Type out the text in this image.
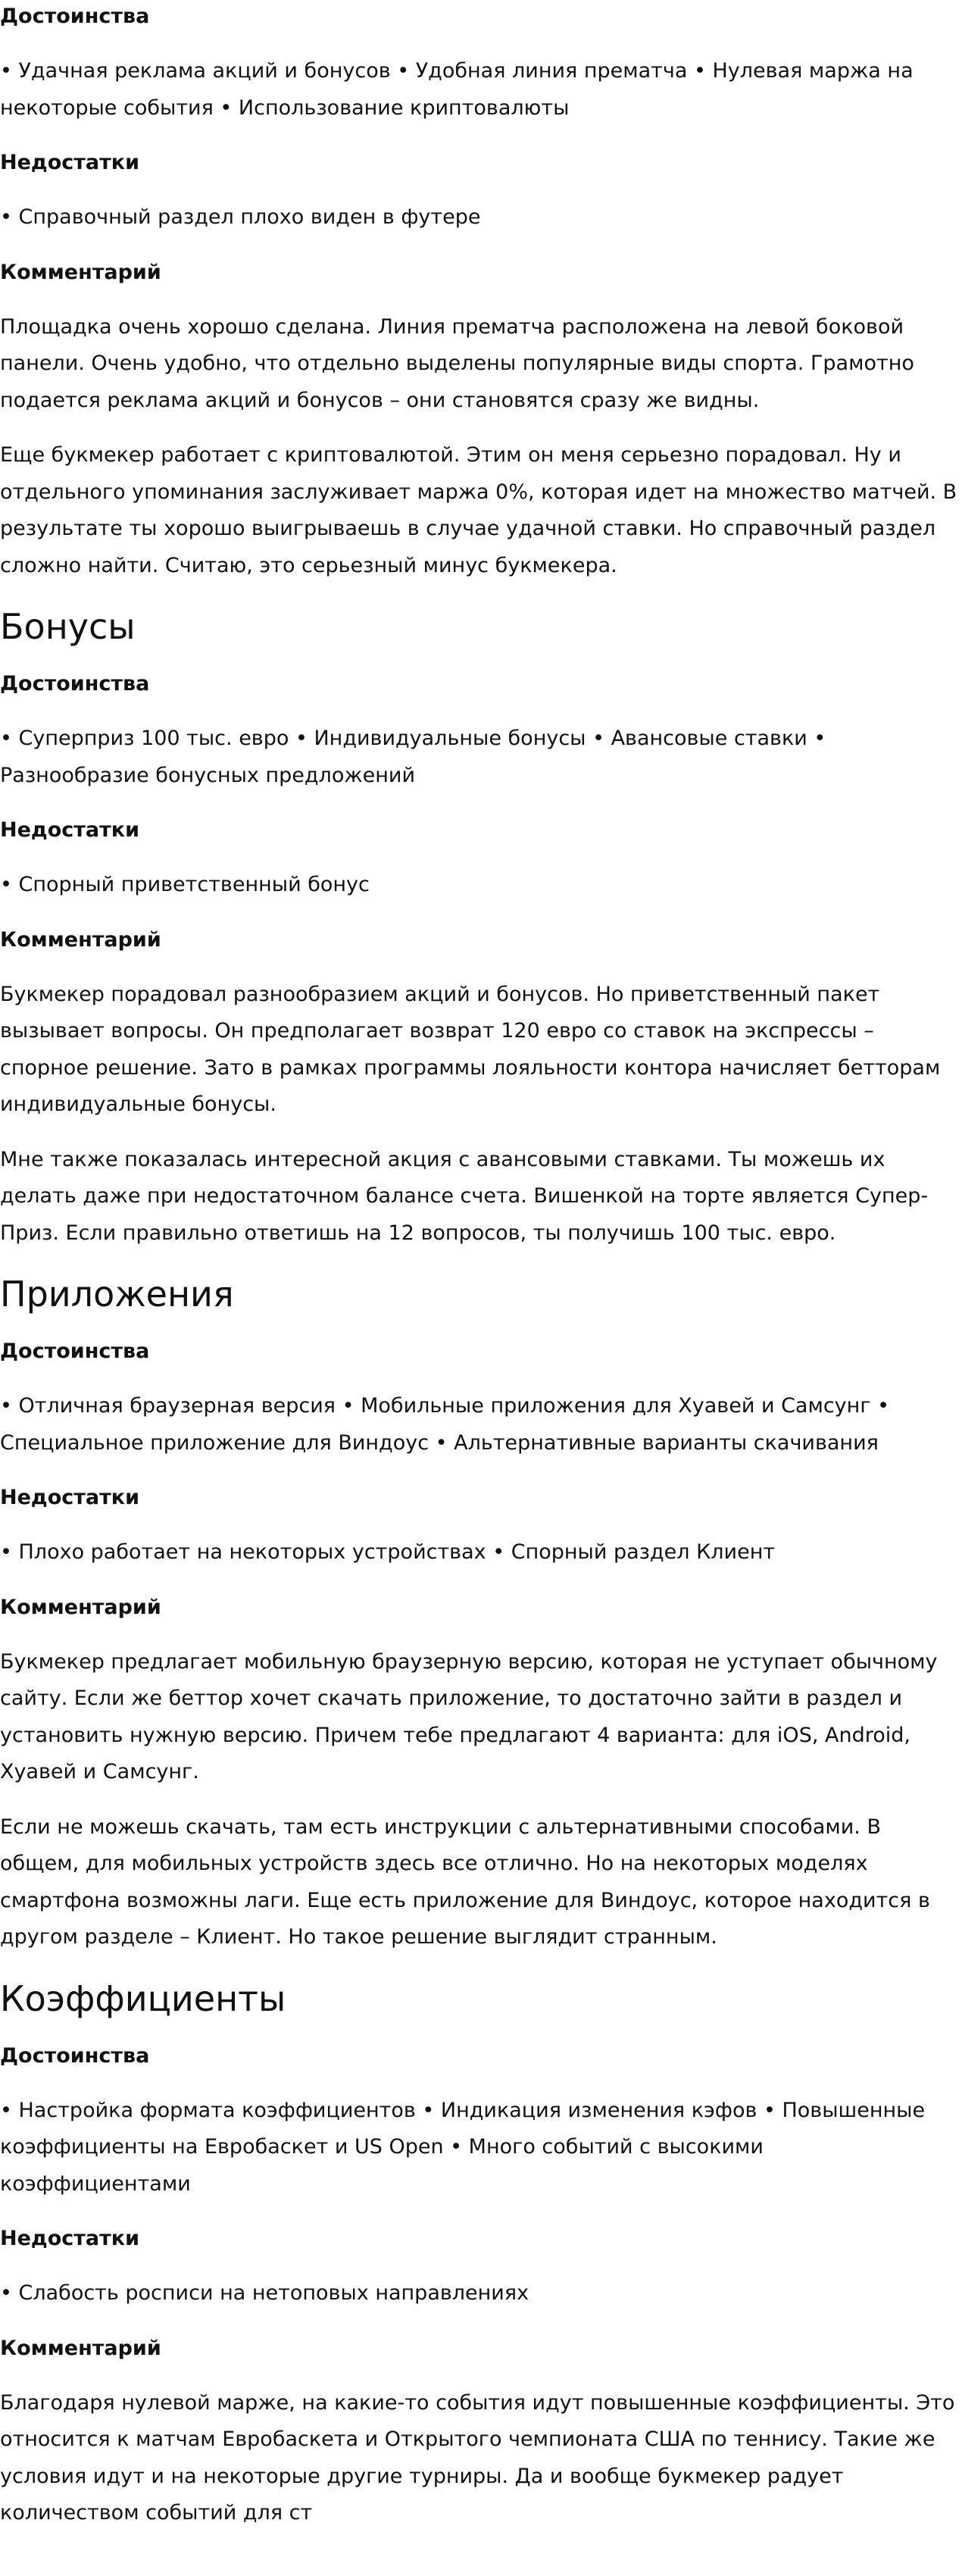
Достоинства

• Удачная реклама акций и бонусов • Удобная линия прематча • Нулевая маржа на некоторые события • Использование криптовалюты

Недостатки

• Справочный раздел плохо виден в футере

Комментарий

Площадка очень хорошо сделана. Линия прематча расположена на левой боковой панели. Очень удобно, что отдельно выделены популярные виды спорта. Грамотно подается реклама акций и бонусов – они становятся сразу же видны.

Еще букмекер работает с криптовалютой. Этим он меня серьезно порадовал. Ну и отдельного упоминания заслуживает маржа 0%, которая идет на множество матчей. В результате ты хорошо выигрываешь в случае удачной ставки. Но справочный раздел сложно найти. Считаю, это серьезный минус букмекера.

Бонусы

Достоинства

• Суперприз 100 тыс. евро • Индивидуальные бонусы • Авансовые ставки • Разнообразие бонусных предложений

Недостатки

• Спорный приветственный бонус

Комментарий

Букмекер порадовал разнообразием акций и бонусов. Но приветственный пакет вызывает вопросы. Он предполагает возврат 120 евро со ставок на экспрессы – спорное решение. Зато в рамках программы лояльности контора начисляет бетторам индивидуальные бонусы.

Мне также показалась интересной акция с авансовыми ставками. Ты можешь их делать даже при недостаточном балансе счета. Вишенкой на торте является Супер-Приз. Если правильно ответишь на 12 вопросов, ты получишь 100 тыс. евро.

Приложения

Достоинства

• Отличная браузерная версия • Мобильные приложения для Хуавей и Самсунг • Специальное приложение для Виндоус • Альтернативные варианты скачивания

Недостатки

• Плохо работает на некоторых устройствах • Спорный раздел Клиент

Комментарий

Букмекер предлагает мобильную браузерную версию, которая не уступает обычному сайту. Если же беттор хочет скачать приложение, то достаточно зайти в раздел и установить нужную версию. Причем тебе предлагают 4 варианта: для iOS, Android, Хуавей и Самсунг.

Если не можешь скачать, там есть инструкции с альтернативными способами. В общем, для мобильных устройств здесь все отлично. Но на некоторых моделях смартфона возможны лаги. Еще есть приложение для Виндоус, которое находится в другом разделе – Клиент. Но такое решение выглядит странным.

Коэффициенты

Достоинства

• Настройка формата коэффициентов • Индикация изменения кэфов • Повышенные коэффициенты на Евробаскет и US Open • Много событий с высокими коэффициентами

Недостатки

• Слабость росписи на нетоповых направлениях

Комментарий

Благодаря нулевой марже, на какие-то события идут повышенные коэффициенты. Это относится к матчам Евробаскета и Открытого чемпионата США по теннису. Такие же условия идут и на некоторые другие турниры. Да и вообще букмекер радует количеством событий для ст
